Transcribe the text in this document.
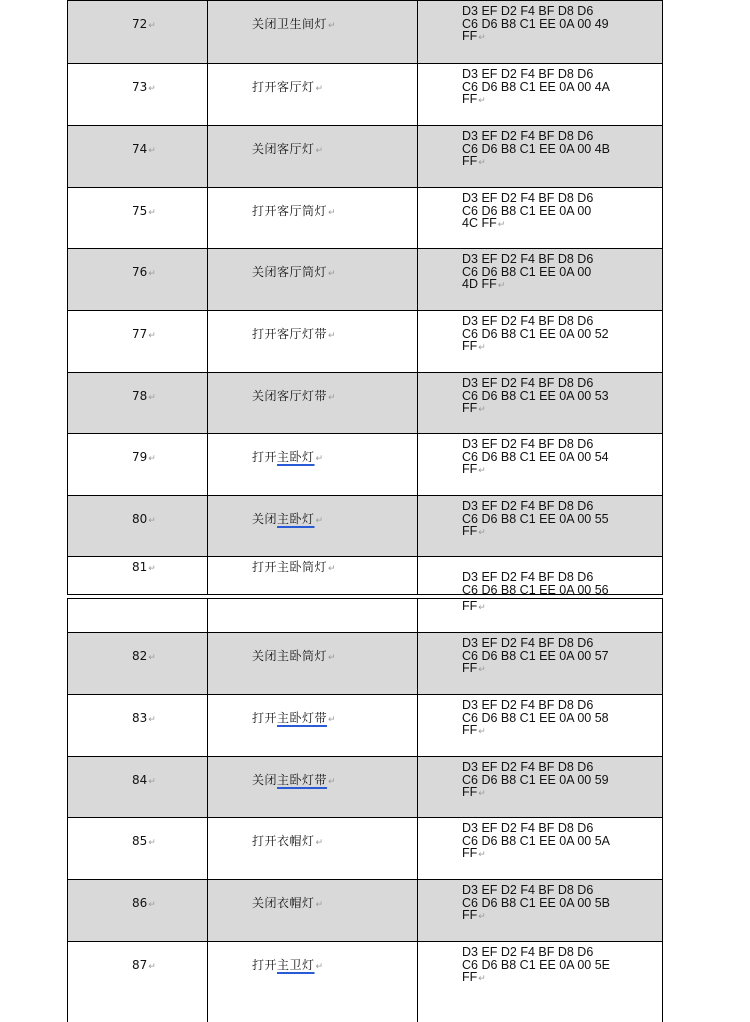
72↵	关闭卫生间灯↵
D3 EF D2 F4 BF D8 D6
C6 D6 B8 C1 EE 0A 00 49
FF↵
73↵	打开客厅灯↵
D3 EF D2 F4 BF D8 D6
C6 D6 B8 C1 EE 0A 00 4A
FF↵
74↵	关闭客厅灯↵
D3 EF D2 F4 BF D8 D6
C6 D6 B8 C1 EE 0A 00 4B
FF↵
75↵	打开客厅筒灯↵
D3 EF D2 F4 BF D8 D6
C6 D6 B8 C1 EE 0A 00
4C FF↵
76↵	关闭客厅筒灯↵
D3 EF D2 F4 BF D8 D6
C6 D6 B8 C1 EE 0A 00
4D FF↵
77↵	打开客厅灯带↵
D3 EF D2 F4 BF D8 D6
C6 D6 B8 C1 EE 0A 00 52
FF↵
78↵	关闭客厅灯带↵
D3 EF D2 F4 BF D8 D6
C6 D6 B8 C1 EE 0A 00 53
FF↵
79↵	打开主卧灯↵
D3 EF D2 F4 BF D8 D6
C6 D6 B8 C1 EE 0A 00 54
FF↵
80↵	关闭主卧灯↵
D3 EF D2 F4 BF D8 D6
C6 D6 B8 C1 EE 0A 00 55
FF↵
81↵	打开主卧筒灯↵
D3 EF D2 F4 BF D8 D6
C6 D6 B8 C1 EE 0A 00 56
FF↵
82↵	关闭主卧筒灯↵
D3 EF D2 F4 BF D8 D6
C6 D6 B8 C1 EE 0A 00 57
FF↵
83↵	打开主卧灯带↵
D3 EF D2 F4 BF D8 D6
C6 D6 B8 C1 EE 0A 00 58
FF↵
84↵	关闭主卧灯带↵
D3 EF D2 F4 BF D8 D6
C6 D6 B8 C1 EE 0A 00 59
FF↵
85↵	打开衣帽灯↵
D3 EF D2 F4 BF D8 D6
C6 D6 B8 C1 EE 0A 00 5A
FF↵
86↵	关闭衣帽灯↵
D3 EF D2 F4 BF D8 D6
C6 D6 B8 C1 EE 0A 00 5B
FF↵
87↵	打开主卫灯↵
D3 EF D2 F4 BF D8 D6
C6 D6 B8 C1 EE 0A 00 5E
FF↵
